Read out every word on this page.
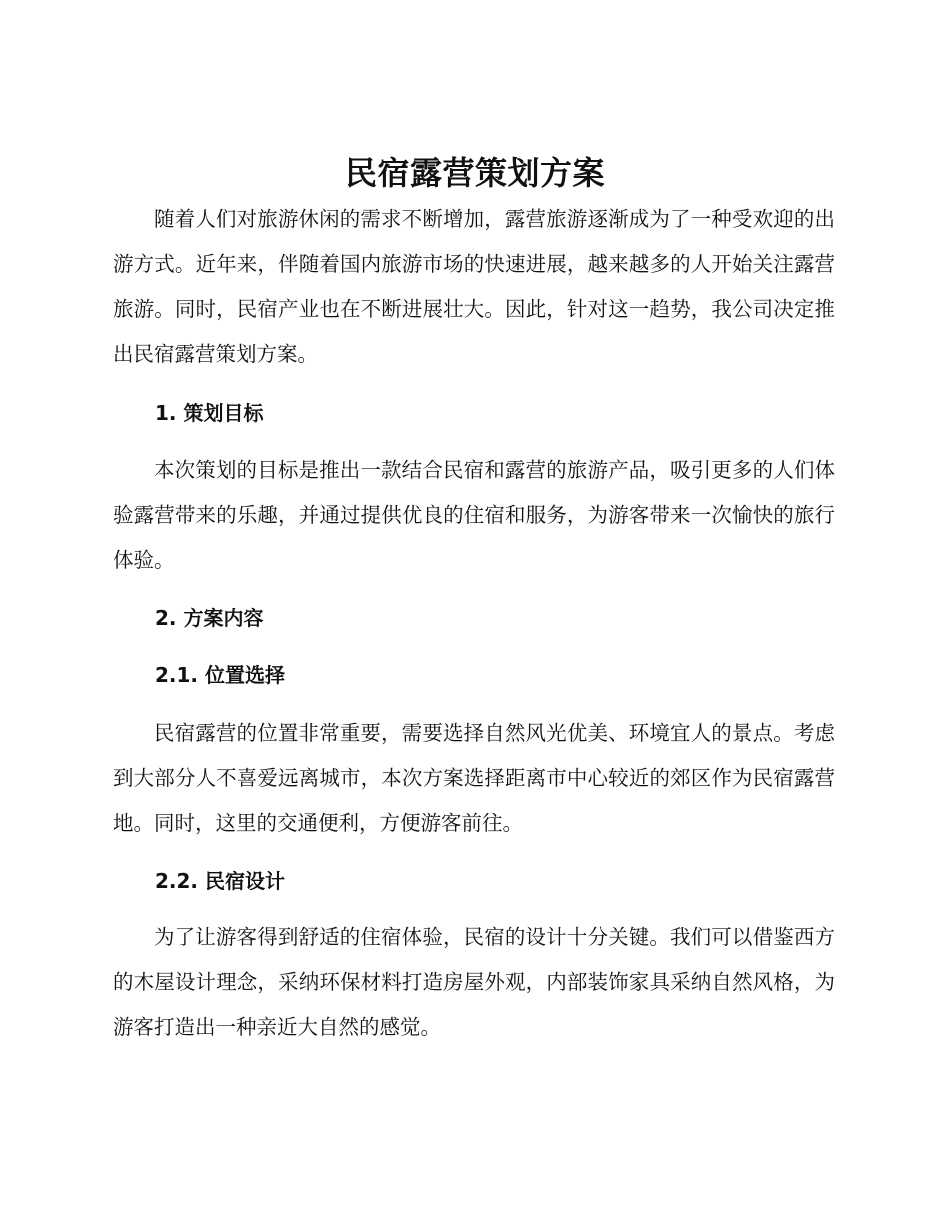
民宿露营策划方案

随着人们对旅游休闲的需求不断增加，露营旅游逐渐成为了一种受欢迎的出游方式。近年来，伴随着国内旅游市场的快速进展，越来越多的人开始关注露营旅游。同时，民宿产业也在不断进展壮大。因此，针对这一趋势，我公司决定推出民宿露营策划方案。

1. 策划目标

本次策划的目标是推出一款结合民宿和露营的旅游产品，吸引更多的人们体验露营带来的乐趣，并通过提供优良的住宿和服务，为游客带来一次愉快的旅行体验。

2. 方案内容
2.1. 位置选择

民宿露营的位置非常重要，需要选择自然风光优美、环境宜人的景点。考虑到大部分人不喜爱远离城市，本次方案选择距离市中心较近的郊区作为民宿露营地。同时，这里的交通便利，方便游客前往。

2.2. 民宿设计

为了让游客得到舒适的住宿体验，民宿的设计十分关键。我们可以借鉴西方的木屋设计理念，采纳环保材料打造房屋外观，内部装饰家具采纳自然风格，为游客打造出一种亲近大自然的感觉。
